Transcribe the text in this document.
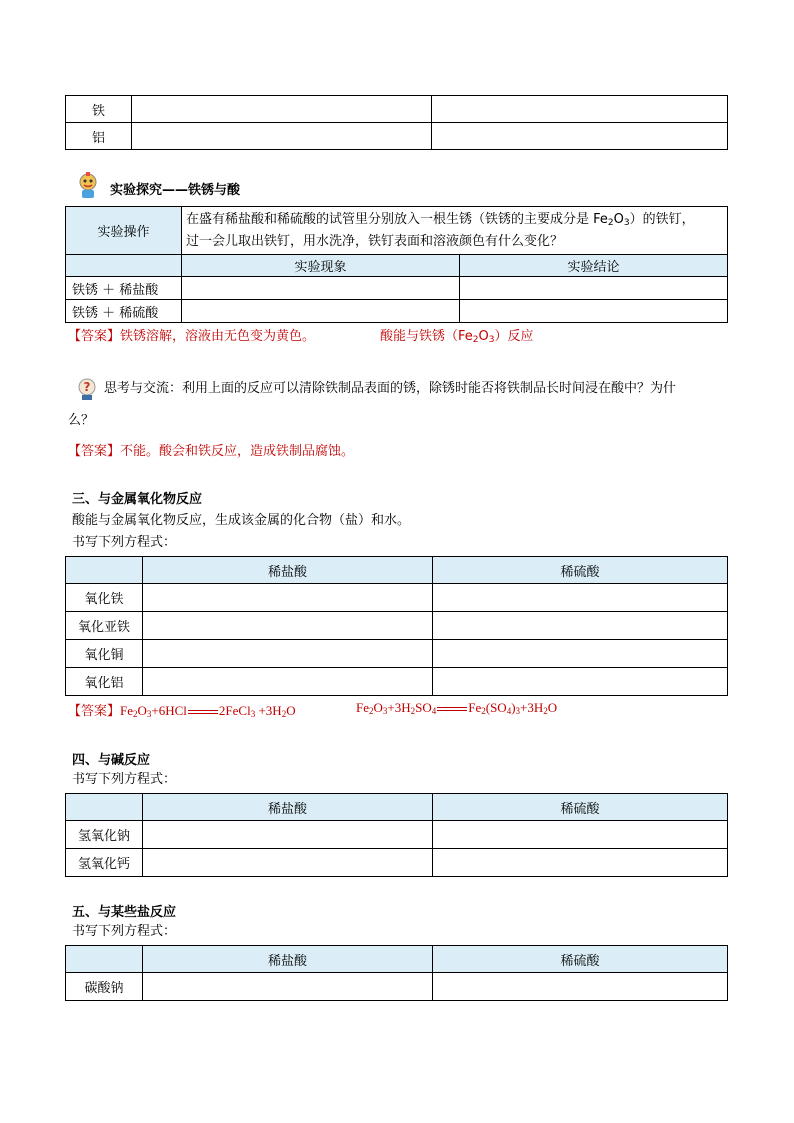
铁		
铝		
实验探究——铁锈与酸
实验操作	在盛有稀盐酸和稀硫酸的试管里分别放入一根生锈（铁锈的主要成分是 $Fe_2O_3$）的铁钉，
过一会儿取出铁钉，用水洗净，铁钉表面和溶液颜色有什么变化？	
	实验现象	实验结论
铁锈 ＋ 稀盐酸		
铁锈 ＋ 稀硫酸		
【答案】铁锈溶解，溶液由无色变为黄色。	酸能与铁锈$(Fe_2O_3)$反应
? 思考与交流：利用上面的反应可以清除铁制品表面的锈，除锈时能否将铁制品长时间浸在酸中？为什
么？
【答案】不能。酸会和铁反应，造成铁制品腐蚀。
三、与金属氧化物反应
酸能与金属氧化物反应，生成该金属的化合物（盐）和水。
书写下列方程式：
	稀盐酸	稀硫酸
氧化铁		
氧化亚铁		
氧化铜		
氧化铝		
【答案】$Fe_2O_3+6HCl$ 2FeCl$_3$ $+3H_2O$	$Fe_2O_3+3H_2SO_4$ $Fe_2(SO_4)_3+3H_2O$
四、与碱反应
书写下列方程式：
	稀盐酸	稀硫酸
氢氧化钠		
氢氧化钙		
五、与某些盐反应
书写下列方程式：
	稀盐酸	稀硫酸
碳酸钠		
